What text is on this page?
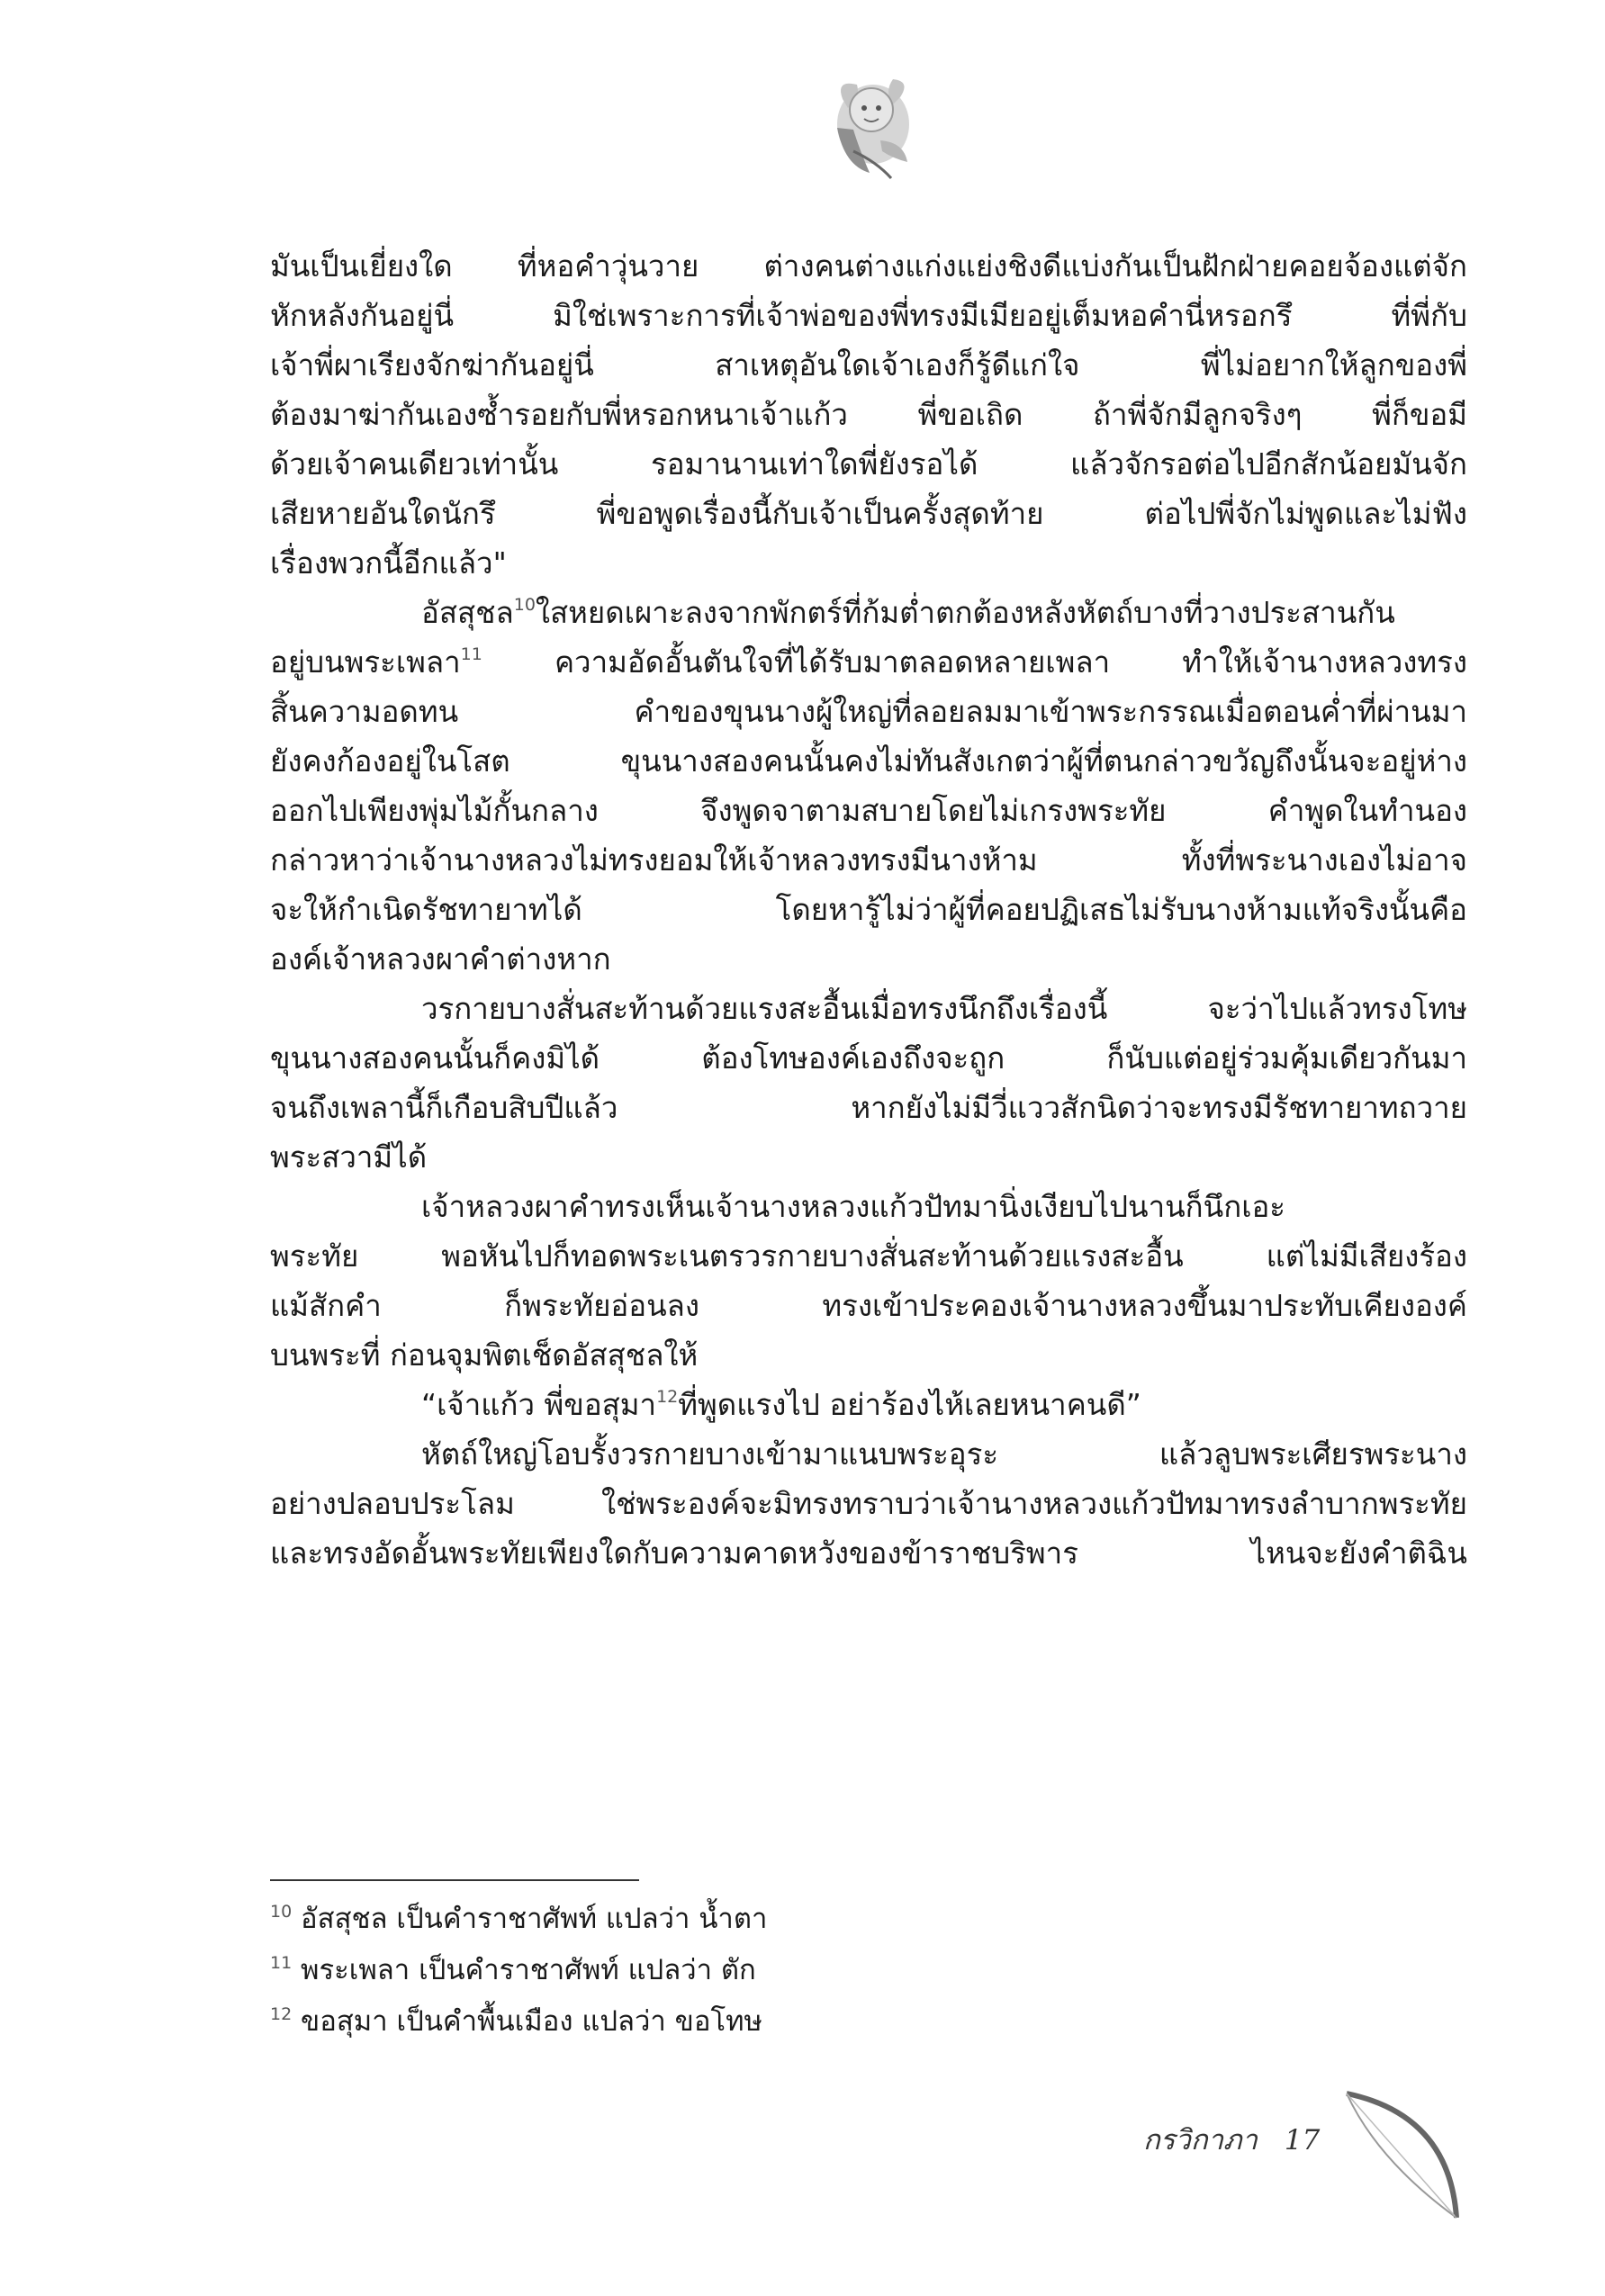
มันเป็นเยี่ยงใด ที่หอคำวุ่นวาย ต่างคนต่างแก่งแย่งชิงดีแบ่งกันเป็นฝักฝ่ายคอยจ้องแต่จัก
หักหลังกันอยู่นี่ มิใช่เพราะการที่เจ้าพ่อของพี่ทรงมีเมียอยู่เต็มหอคำนี่หรอกรึ ที่พี่กับ
เจ้าพี่ผาเรียงจักฆ่ากันอยู่นี่ สาเหตุอันใดเจ้าเองก็รู้ดีแก่ใจ พี่ไม่อยากให้ลูกของพี่
ต้องมาฆ่ากันเองซ้ำรอยกับพี่หรอกหนาเจ้าแก้ว พี่ขอเถิด ถ้าพี่จักมีลูกจริงๆ พี่ก็ขอมี
ด้วยเจ้าคนเดียวเท่านั้น รอมานานเท่าใดพี่ยังรอได้ แล้วจักรอต่อไปอีกสักน้อยมันจัก
เสียหายอันใดนักรึ พี่ขอพูดเรื่องนี้กับเจ้าเป็นครั้งสุดท้าย ต่อไปพี่จักไม่พูดและไม่ฟัง
เรื่องพวกนี้อีกแล้ว"
อัสสุชล$^{10}$ใสหยดเผาะลงจากพักตร์ที่ก้มต่ำตกต้องหลังหัตถ์บางที่วางประสานกัน
อยู่บนพระเพลา$^{11}$ ความอัดอั้นตันใจที่ได้รับมาตลอดหลายเพลา ทำให้เจ้านางหลวงทรง
สิ้นความอดทน คำของขุนนางผู้ใหญ่ที่ลอยลมมาเข้าพระกรรณเมื่อตอนค่ำที่ผ่านมา
ยังคงก้องอยู่ในโสต ขุนนางสองคนนั้นคงไม่ทันสังเกตว่าผู้ที่ตนกล่าวขวัญถึงนั้นจะอยู่ห่าง
ออกไปเพียงพุ่มไม้กั้นกลาง จึงพูดจาตามสบายโดยไม่เกรงพระทัย คำพูดในทำนอง
กล่าวหาว่าเจ้านางหลวงไม่ทรงยอมให้เจ้าหลวงทรงมีนางห้าม ทั้งที่พระนางเองไม่อาจ
จะให้กำเนิดรัชทายาทได้ โดยหารู้ไม่ว่าผู้ที่คอยปฏิเสธไม่รับนางห้ามแท้จริงนั้นคือ
องค์เจ้าหลวงผาคำต่างหาก
วรกายบางสั่นสะท้านด้วยแรงสะอื้นเมื่อทรงนึกถึงเรื่องนี้ จะว่าไปแล้วทรงโทษ
ขุนนางสองคนนั้นก็คงมิได้ ต้องโทษองค์เองถึงจะถูก ก็นับแต่อยู่ร่วมคุ้มเดียวกันมา
จนถึงเพลานี้ก็เกือบสิบปีแล้ว หากยังไม่มีวี่แววสักนิดว่าจะทรงมีรัชทายาทถวาย
พระสวามีได้
เจ้าหลวงผาคำทรงเห็นเจ้านางหลวงแก้วปัทมานิ่งเงียบไปนานก็นึกเอะ
พระทัย พอหันไปก็ทอดพระเนตรวรกายบางสั่นสะท้านด้วยแรงสะอื้น แต่ไม่มีเสียงร้อง
แม้สักคำ ก็พระทัยอ่อนลง ทรงเข้าประคองเจ้านางหลวงขึ้นมาประทับเคียงองค์
บนพระที่ ก่อนจุมพิตเช็ดอัสสุชลให้
“เจ้าแก้ว พี่ขอสุมา$^{12}$ที่พูดแรงไป อย่าร้องไห้เลยหนาคนดี”
หัตถ์ใหญ่โอบรั้งวรกายบางเข้ามาแนบพระอุระ แล้วลูบพระเศียรพระนาง
อย่างปลอบประโลม ใช่พระองค์จะมิทรงทราบว่าเจ้านางหลวงแก้วปัทมาทรงลำบากพระทัย
และทรงอัดอั้นพระทัยเพียงใดกับความคาดหวังของข้าราชบริพาร ไหนจะยังคำติฉิน
$^{10}$ อัสสุชล เป็นคำราชาศัพท์ แปลว่า น้ำตา
$^{11}$ พระเพลา เป็นคำราชาศัพท์ แปลว่า ตัก
$^{12}$ ขอสุมา เป็นคำพื้นเมือง แปลว่า ขอโทษ
กรวิกาภา 17
